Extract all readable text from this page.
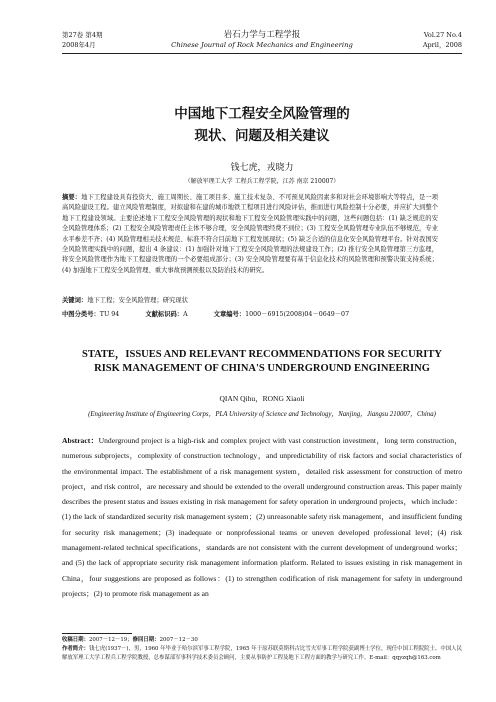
第27卷 第4期
2008年4月
岩石力学与工程学报
Chinese Journal of Rock Mechanics and Engineering
Vol.27 No.4
April，2008
中国地下工程安全风险管理的
现状、问题及相关建议
钱七虎，戎晓力
（解放军理工大学 工程兵工程学院，江苏 南京 210007）
摘要：地下工程建设具有投资大、施工周期长、施工项目多、施工技术复杂、不可预见风险因素多和对社会环境影响大等特点，是一项高风险建设工程。建立风险管理制度，对拟建和在建的城市地铁工程项目进行风险评估，推而进行风险控制十分必要，并应扩大到整个地下工程建设领域。主要论述地下工程安全风险管理的现状和地下工程安全风险管理实践中的问题，这些问题包括：(1) 缺乏规范的安全风险管理体系；(2) 工程安全风险管理责任主体不够合理，安全风险管理经费不到位；(3) 工程安全风险管理专业队伍不够规范，专业水平参差不齐；(4) 风险管理相关技术规范、标准不符合目前地下工程发展现状；(5) 缺乏合适的信息化安全风险管理平台。针对我国安全风险管理实践中的问题，提出 4 条建议：(1) 加强针对地下工程安全风险管理的法规建设工作；(2) 推行安全风险管理第三方监理，将安全风险管理作为地下工程建设管理的一个必要组成部分；(3) 安全风险管理要有基于信息化技术的风险管理和预警决策支持系统；(4) 加强地下工程安全风险管理、重大事故预测预报以及防治技术的研究。
关键词：地下工程；安全风险管理；研究现状
中图分类号：TU 94	文献标识码：A	文章编号：1000－6915(2008)04－0649－07
STATE，ISSUES AND RELEVANT RECOMMENDATIONS FOR SECURITY
RISK MANAGEMENT OF CHINA'S UNDERGROUND ENGINEERING
QIAN Qihu，RONG Xiaoli
(Engineering Institute of Engineering Corps，PLA University of Science and Technology，Nanjing，Jiangsu 210007，China)
Abstract：Underground project is a high-risk and complex project with vast construction investment，long term construction，numerous subprojects，complexity of construction technology，and unpredictability of risk factors and social characteristics of the environmental impact. The establishment of a risk management system，detailed risk assessment for construction of metro project，and risk control，are necessary and should be extended to the overall underground construction areas. This paper mainly describes the present status and issues existing in risk management for safety operation in underground projects，which include：(1) the lack of standardized security risk management system；(2) unreasonable safety risk management，and insufficient funding for security risk management；(3) inadequate or nonprofessional teams or uneven developed professional level；(4) risk management-related technical specifications，standards are not consistent with the current development of underground works；and (5) the lack of appropriate security risk management information platform. Related to issues existing in risk management in China，four suggestions are proposed as follows：(1) to strengthen codification of risk management for safety in underground projects；(2) to promote risk management as an
收稿日期：2007－12－19；修回日期：2007－12－30
作者简介：钱七虎(1937－)，男，1960 年毕业于哈尔滨军事工程学院，1965 年于原苏联莫斯科古比雪夫军事工程学院获副博士学位，现任中国工程院院士、中国人民解放军理工大学工程兵工程学院教授，总参谋部军事科学技术委员会顾问，主要从事防护工程及地下工程方面的教学与研究工作。E-mail：qqyzqh@163.com
